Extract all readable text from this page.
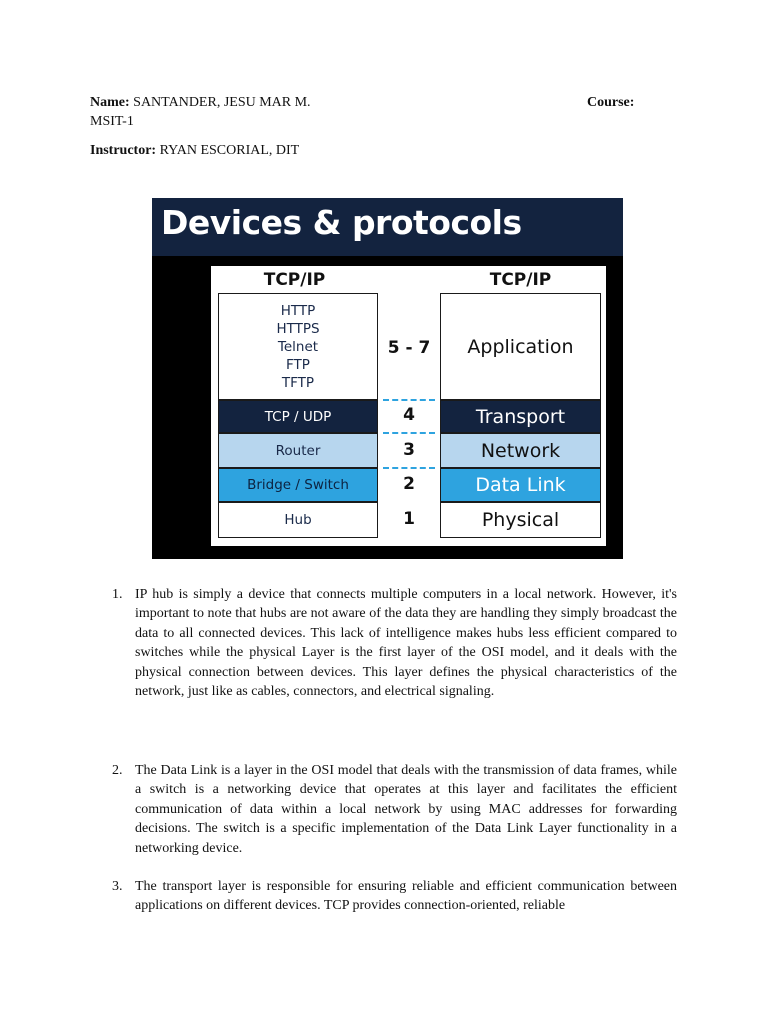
Name: SANTANDER, JESU MAR M.	Course:
MSIT-1
Instructor: RYAN ESCORIAL, DIT
Devices & protocols
TCP/IP	TCP/IP
HTTP
HTTPS
Telnet
FTP
TFTP
TCP / UDP
Router
Bridge / Switch
Hub
5 - 7
4
3
2
1
Application
Transport
Network
Data Link
Physical
1. IP hub is simply a device that connects multiple computers in a local network. However, it's important to note that hubs are not aware of the data they are handling they simply broadcast the data to all connected devices. This lack of intelligence makes hubs less efficient compared to switches while the physical Layer is the first layer of the OSI model, and it deals with the physical connection between devices. This layer defines the physical characteristics of the network, just like as cables, connectors, and electrical signaling.

2. The Data Link is a layer in the OSI model that deals with the transmission of data frames, while a switch is a networking device that operates at this layer and facilitates the efficient communication of data within a local network by using MAC addresses for forwarding decisions. The switch is a specific implementation of the Data Link Layer functionality in a networking device.

3. The transport layer is responsible for ensuring reliable and efficient communication between applications on different devices. TCP provides connection-oriented, reliable
